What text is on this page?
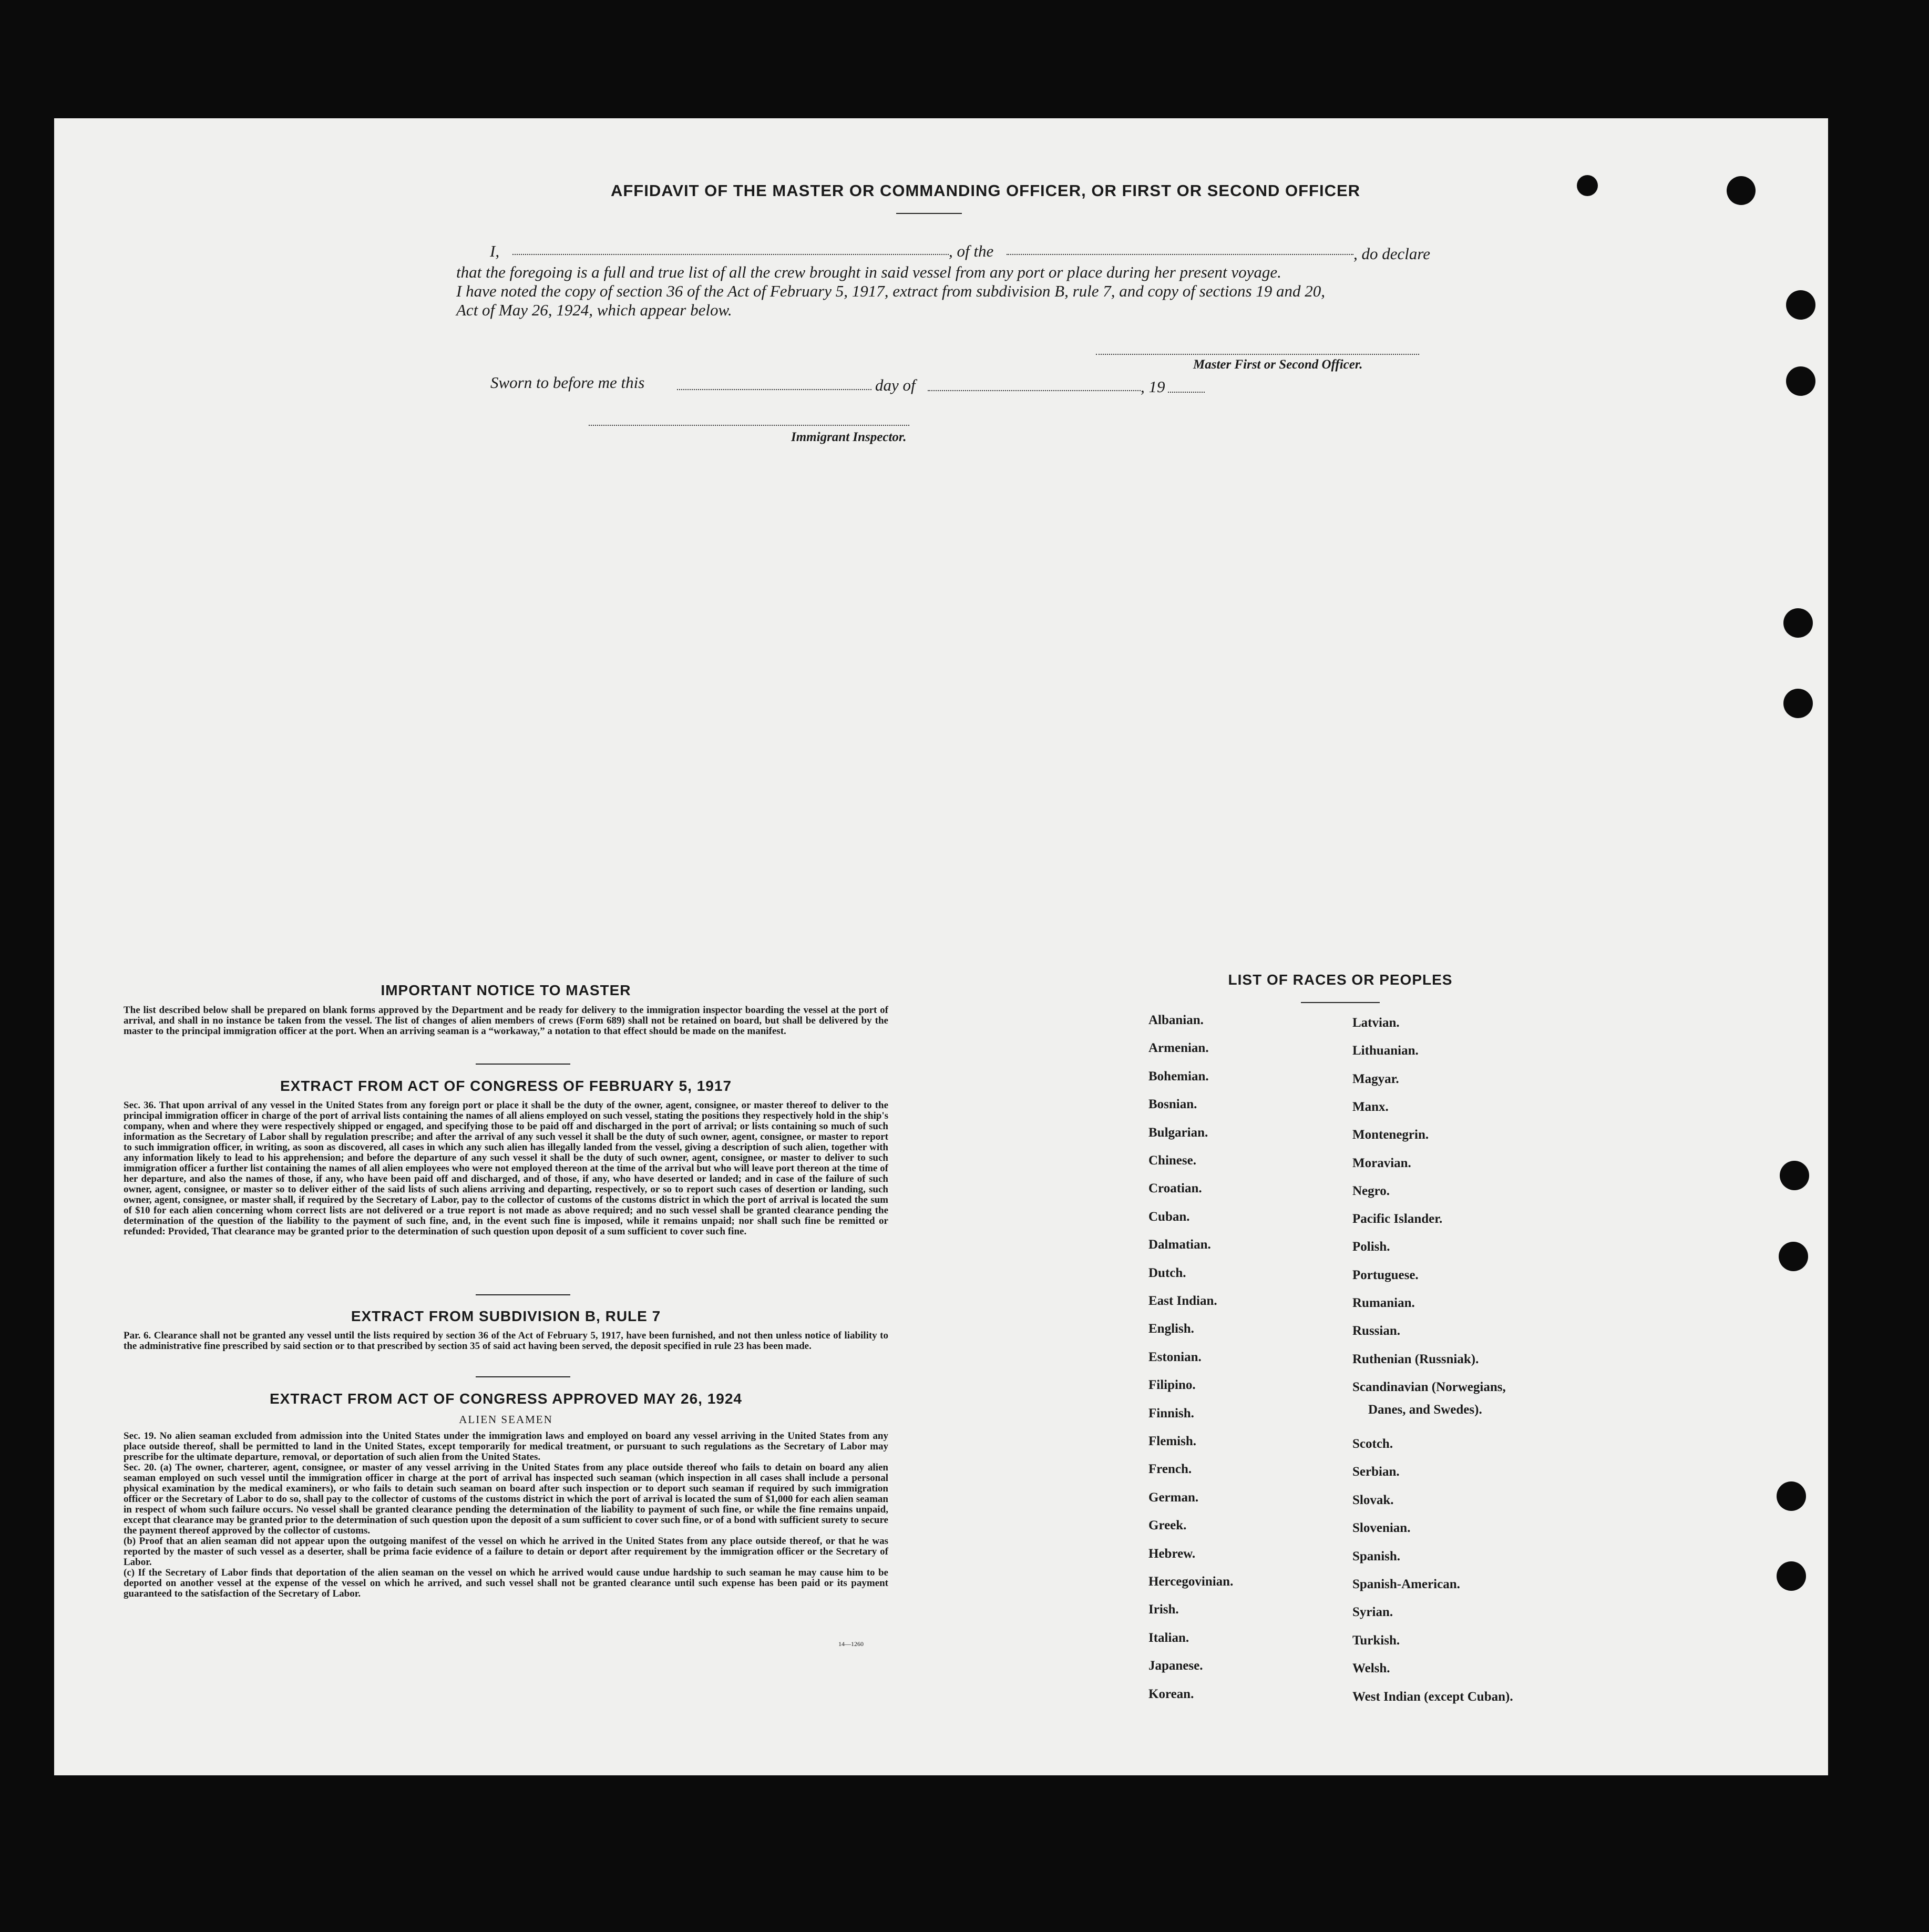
AFFIDAVIT OF THE MASTER OR COMMANDING OFFICER, OR FIRST OR SECOND OFFICER
I,	, of the	, do declare
that the foregoing is a full and true list of all the crew brought in said vessel from any port or place during her present voyage.
I have noted the copy of section 36 of the Act of February 5, 1917, extract from subdivision B, rule 7, and copy of sections 19 and 20,
Act of May 26, 1924, which appear below.
Master First or Second Officer.
Sworn to before me this	day of	, 19
Immigrant Inspector.
IMPORTANT NOTICE TO MASTER
The list described below shall be prepared on blank forms approved by the Department and be ready for delivery to the immigration inspector boarding the vessel at the port of arrival, and shall in no instance be taken from the vessel. The list of changes of alien members of crews (Form 689) shall not be retained on board, but shall be delivered by the master to the principal immigration officer at the port. When an arriving seaman is a “workaway,” a notation to that effect should be made on the manifest.
EXTRACT FROM ACT OF CONGRESS OF FEBRUARY 5, 1917
Sec. 36. That upon arrival of any vessel in the United States from any foreign port or place it shall be the duty of the owner, agent, consignee, or master thereof to deliver to the principal immigration officer in charge of the port of arrival lists containing the names of all aliens employed on such vessel, stating the positions they respectively hold in the ship's company, when and where they were respectively shipped or engaged, and specifying those to be paid off and discharged in the port of arrival; or lists containing so much of such information as the Secretary of Labor shall by regulation prescribe; and after the arrival of any such vessel it shall be the duty of such owner, agent, consignee, or master to report to such immigration officer, in writing, as soon as discovered, all cases in which any such alien has illegally landed from the vessel, giving a description of such alien, together with any information likely to lead to his apprehension; and before the departure of any such vessel it shall be the duty of such owner, agent, consignee, or master to deliver to such immigration officer a further list containing the names of all alien employees who were not employed thereon at the time of the arrival but who will leave port thereon at the time of her departure, and also the names of those, if any, who have been paid off and discharged, and of those, if any, who have deserted or landed; and in case of the failure of such owner, agent, consignee, or master so to deliver either of the said lists of such aliens arriving and departing, respectively, or so to report such cases of desertion or landing, such owner, agent, consignee, or master shall, if required by the Secretary of Labor, pay to the collector of customs of the customs district in which the port of arrival is located the sum of $10 for each alien concerning whom correct lists are not delivered or a true report is not made as above required; and no such vessel shall be granted clearance pending the determination of the question of the liability to the payment of such fine, and, in the event such fine is imposed, while it remains unpaid; nor shall such fine be remitted or refunded: Provided, That clearance may be granted prior to the determination of such question upon deposit of a sum sufficient to cover such fine.
EXTRACT FROM SUBDIVISION B, RULE 7
Par. 6. Clearance shall not be granted any vessel until the lists required by section 36 of the Act of February 5, 1917, have been furnished, and not then unless notice of liability to the administrative fine prescribed by said section or to that prescribed by section 35 of said act having been served, the deposit specified in rule 23 has been made.
EXTRACT FROM ACT OF CONGRESS APPROVED MAY 26, 1924
ALIEN SEAMEN

Sec. 19. No alien seaman excluded from admission into the United States under the immigration laws and employed on board any vessel arriving in the United States from any place outside thereof, shall be permitted to land in the United States, except temporarily for medical treatment, or pursuant to such regulations as the Secretary of Labor may prescribe for the ultimate departure, removal, or deportation of such alien from the United States.

Sec. 20. (a) The owner, charterer, agent, consignee, or master of any vessel arriving in the United States from any place outside thereof who fails to detain on board any alien seaman employed on such vessel until the immigration officer in charge at the port of arrival has inspected such seaman (which inspection in all cases shall include a personal physical examination by the medical examiners), or who fails to detain such seaman on board after such inspection or to deport such seaman if required by such immigration officer or the Secretary of Labor to do so, shall pay to the collector of customs of the customs district in which the port of arrival is located the sum of $1,000 for each alien seaman in respect of whom such failure occurs. No vessel shall be granted clearance pending the determination of the liability to payment of such fine, or while the fine remains unpaid, except that clearance may be granted prior to the determination of such question upon the deposit of a sum sufficient to cover such fine, or of a bond with sufficient surety to secure the payment thereof approved by the collector of customs.

(b) Proof that an alien seaman did not appear upon the outgoing manifest of the vessel on which he arrived in the United States from any place outside thereof, or that he was reported by the master of such vessel as a deserter, shall be prima facie evidence of a failure to detain or deport after requirement by the immigration officer or the Secretary of Labor.

(c) If the Secretary of Labor finds that deportation of the alien seaman on the vessel on which he arrived would cause undue hardship to such seaman he may cause him to be deported on another vessel at the expense of the vessel on which he arrived, and such vessel shall not be granted clearance until such expense has been paid or its payment guaranteed to the satisfaction of the Secretary of Labor.

14—1260
LIST OF RACES OR PEOPLES
Albanian.
Armenian.
Bohemian.
Bosnian.
Bulgarian.
Chinese.
Croatian.
Cuban.
Dalmatian.
Dutch.
East Indian.
English.
Estonian.
Filipino.
Finnish.
Flemish.
French.
German.
Greek.
Hebrew.
Hercegovinian.
Irish.
Italian.
Japanese.
Korean.
Latvian.
Lithuanian.
Magyar.
Manx.
Montenegrin.
Moravian.
Negro.
Pacific Islander.
Polish.
Portuguese.
Rumanian.
Russian.
Ruthenian (Russniak).
Scandinavian (Norwegians,
Danes, and Swedes).
Scotch.
Serbian.
Slovak.
Slovenian.
Spanish.
Spanish-American.
Syrian.
Turkish.
Welsh.
West Indian (except Cuban).
